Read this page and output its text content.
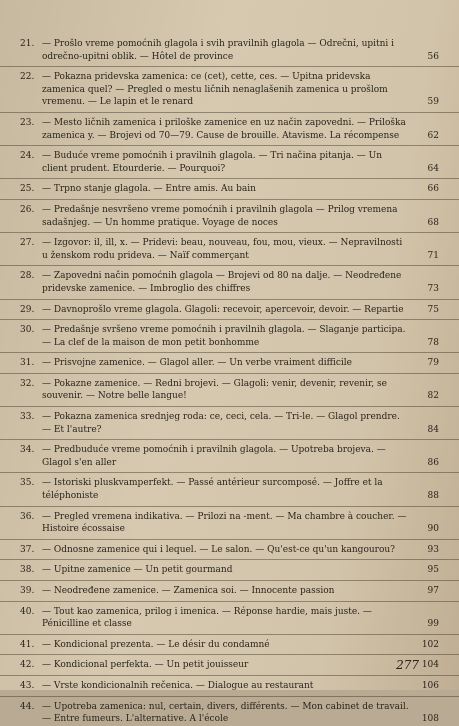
21. — Prošlo vreme pomoćnih glagola i svih pravilnih glagola — Odrečni, upitni i odrečno-upitni oblik. — Hôtel de province	56
22. — Pokazna pridevska zamenica: ce (cet), cette, ces. — Upitna pridevska zamenica quel? — Pregled o mestu ličnih nenaglašenih zamenica u prošlom vremenu. — Le lapin et le renard	59
23. — Mesto ličnih zamenica i priloške zamenice en uz način zapovedni. — Priloška zamenica y. — Brojevi od 70—79. Cause de brouille. Atavisme. La récompense	62
24. — Buduće vreme pomoćnih i pravilnih glagola. — Tri načina pitanja. — Un client prudent. Etourderie. — Pourquoi?	64
25. — Trpno stanje glagola. — Entre amis. Au bain	66
26. — Predašnje nesvršeno vreme pomoćnih i pravilnih glagola — Prilog vremena sadašnjeg. — Un homme pratique. Voyage de noces	68
27. — Izgovor: il, ill, x. — Pridevi: beau, nouveau, fou, mou, vieux. — Nepravilnosti u ženskom rodu prideva. — Naïf commerçant	71
28. — Zapovedni način pomoćnih glagola — Brojevi od 80 na dalje. — Neodređene pridevske zamenice. — Imbroglio des chiffres	73
29. — Davnoprošlo vreme glagola. Glagoli: recevoir, apercevoir, devoir. — Repartie	75
30. — Predašnje svršeno vreme pomoćnih i pravilnih glagola. — Slaganje participa. — La clef de la maison de mon petit bonhomme	78
31. — Prisvojne zamenice. — Glagol aller. — Un verbe vraiment difficile	79
32. — Pokazne zamenice. — Redni brojevi. — Glagoli: venir, devenir, revenir, se souvenir. — Notre belle langue!	82
33. — Pokazna zamenica srednjeg roda: ce, ceci, cela. — Tri-le. — Glagol prendre. — Et l'autre?	84
34. — Predbuduće vreme pomoćnih i pravilnih glagola. — Upotreba brojeva. — Glagol s'en aller	86
35. — Istoriski pluskvamperfekt. — Passé antérieur surcomposé. — Joffre et la téléphoniste	88
36. — Pregled vremena indikativa. — Prilozi na -ment. — Ma chambre à coucher. — Histoire écossaise	90
37. — Odnosne zamenice qui i lequel. — Le salon. — Qu'est-ce qu'un kangourou?	93
38. — Upitne zamenice — Un petit gourmand	95
39. — Neodređene zamenice. — Zamenica soi. — Innocente passion	97
40. — Tout kao zamenica, prilog i imenica. — Réponse hardie, mais juste. — Pénicilline et classe	99
41. — Kondicional prezenta. — Le désir du condamné	102
42. — Kondicional perfekta. — Un petit jouisseur	104
43. — Vrste kondicionalnih rečenica. — Dialogue au restaurant	106
44. — Upotreba zamenica: nul, certain, divers, différents. — Mon cabinet de travail. — Entre fumeurs. L'alternative. A l'école	108
277
